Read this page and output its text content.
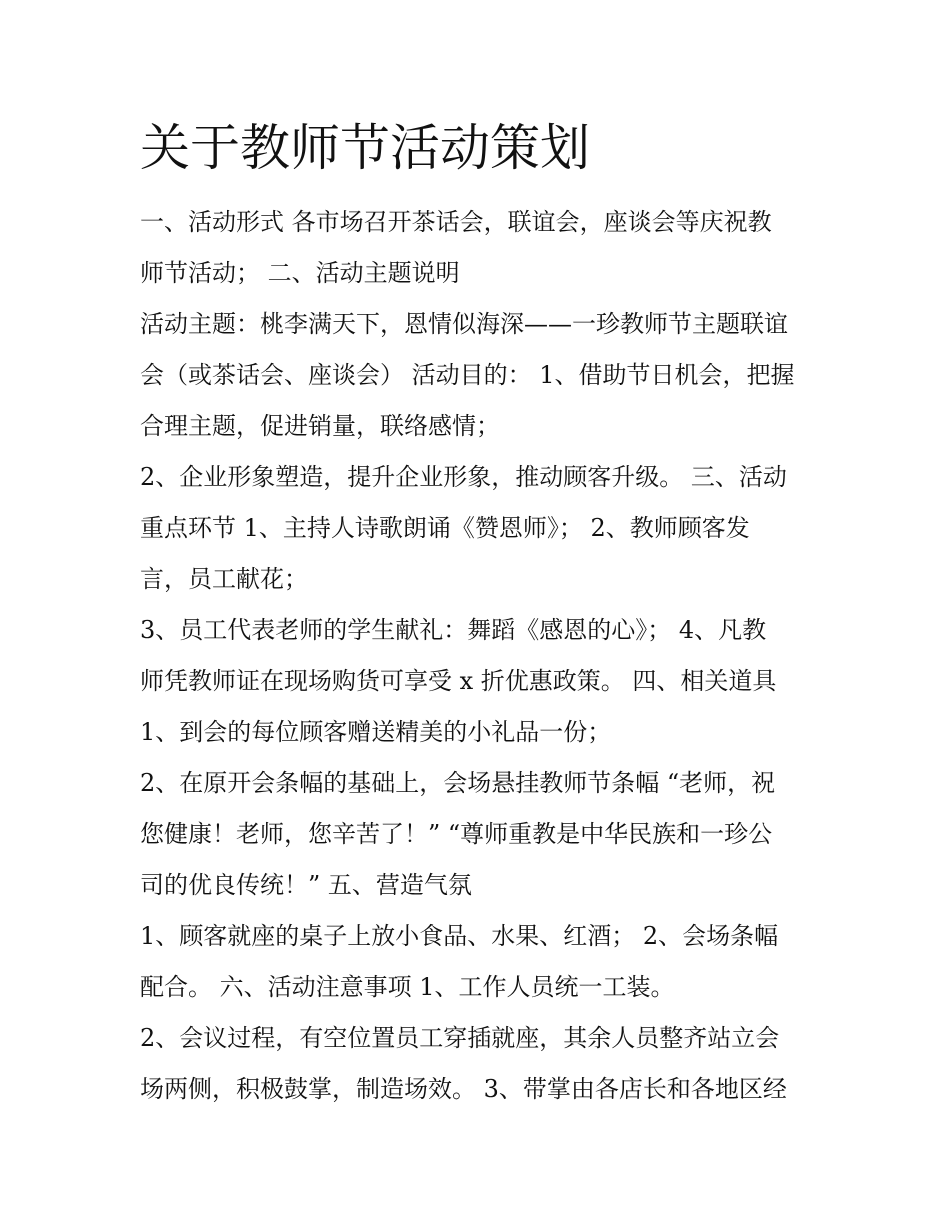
关于教师节活动策划

一、活动形式 各市场召开茶话会，联谊会，座谈会等庆祝教

师节活动； 二、活动主题说明

活动主题：桃李满天下，恩情似海深——一珍教师节主题联谊

会（或茶话会、座谈会） 活动目的： 1、借助节日机会，把握

合理主题，促进销量，联络感情；

2、企业形象塑造，提升企业形象，推动顾客升级。 三、活动

重点环节 1、主持人诗歌朗诵《赞恩师》； 2、教师顾客发

言，员工献花；

3、员工代表老师的学生献礼：舞蹈《感恩的心》； 4、凡教

师凭教师证在现场购货可享受 x 折优惠政策。 四、相关道具

1、到会的每位顾客赠送精美的小礼品一份；

2、在原开会条幅的基础上，会场悬挂教师节条幅 “老师，祝

您健康！老师，您辛苦了！” “尊师重教是中华民族和一珍公

司的优良传统！” 五、营造气氛

1、顾客就座的桌子上放小食品、水果、红酒； 2、会场条幅

配合。 六、活动注意事项 1、工作人员统一工装。

2、会议过程，有空位置员工穿插就座，其余人员整齐站立会

场两侧，积极鼓掌，制造场效。 3、带掌由各店长和各地区经
